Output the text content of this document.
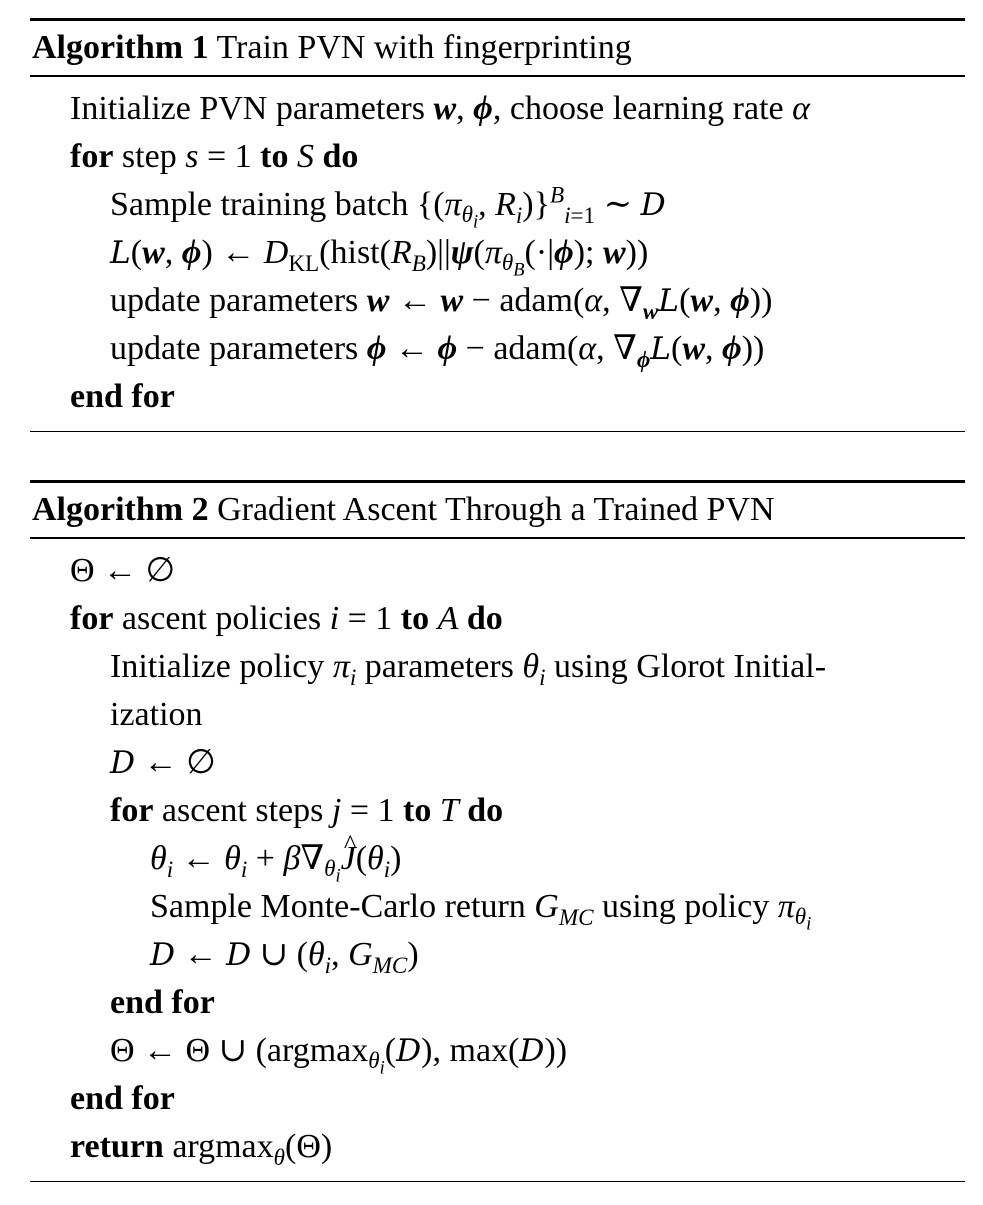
Algorithm 1 Train PVN with fingerprinting
Initialize PVN parameters w, ϕ, choose learning rate α
for step s = 1 to S do
Sample training batch {($\pi_{\theta_i}$, $R_i)\}^B_{i=1}$ ∼ D
L(w, ϕ) ← $D_{KL}(hist(R_B)||\psi(\pi_{\theta_B}(\cdot|\phi)$; w))
update parameters w ← w − adam(α, $\nabla_wL(w$, ϕ))
update parameters ϕ ← ϕ − adam(α, $\nabla_\phi L(w$, ϕ))
end for
Algorithm 2 Gradient Ascent Through a Trained PVN
Θ ← ∅
for ascent policies i = 1 to A do
Initialize policy $\pi_i$ parameters $\theta_i$ using Glorot Initial-
ization
D ← ∅
for ascent steps j = 1 to T do
$\theta_i$ ← $\theta_i$ + $\beta\nabla_{\theta_i}\^{}$ $J(\theta_i)$
Sample Monte-Carlo return $G_{MC}$ using policy $\pi_{\theta_i}$
D ← D ∪ ($\theta_i$, $G_{MC}$)
end for
Θ ← Θ ∪ (argmax$_{\theta_i}$(D), max(D))
end for
return argmax$_\theta$(Θ)
